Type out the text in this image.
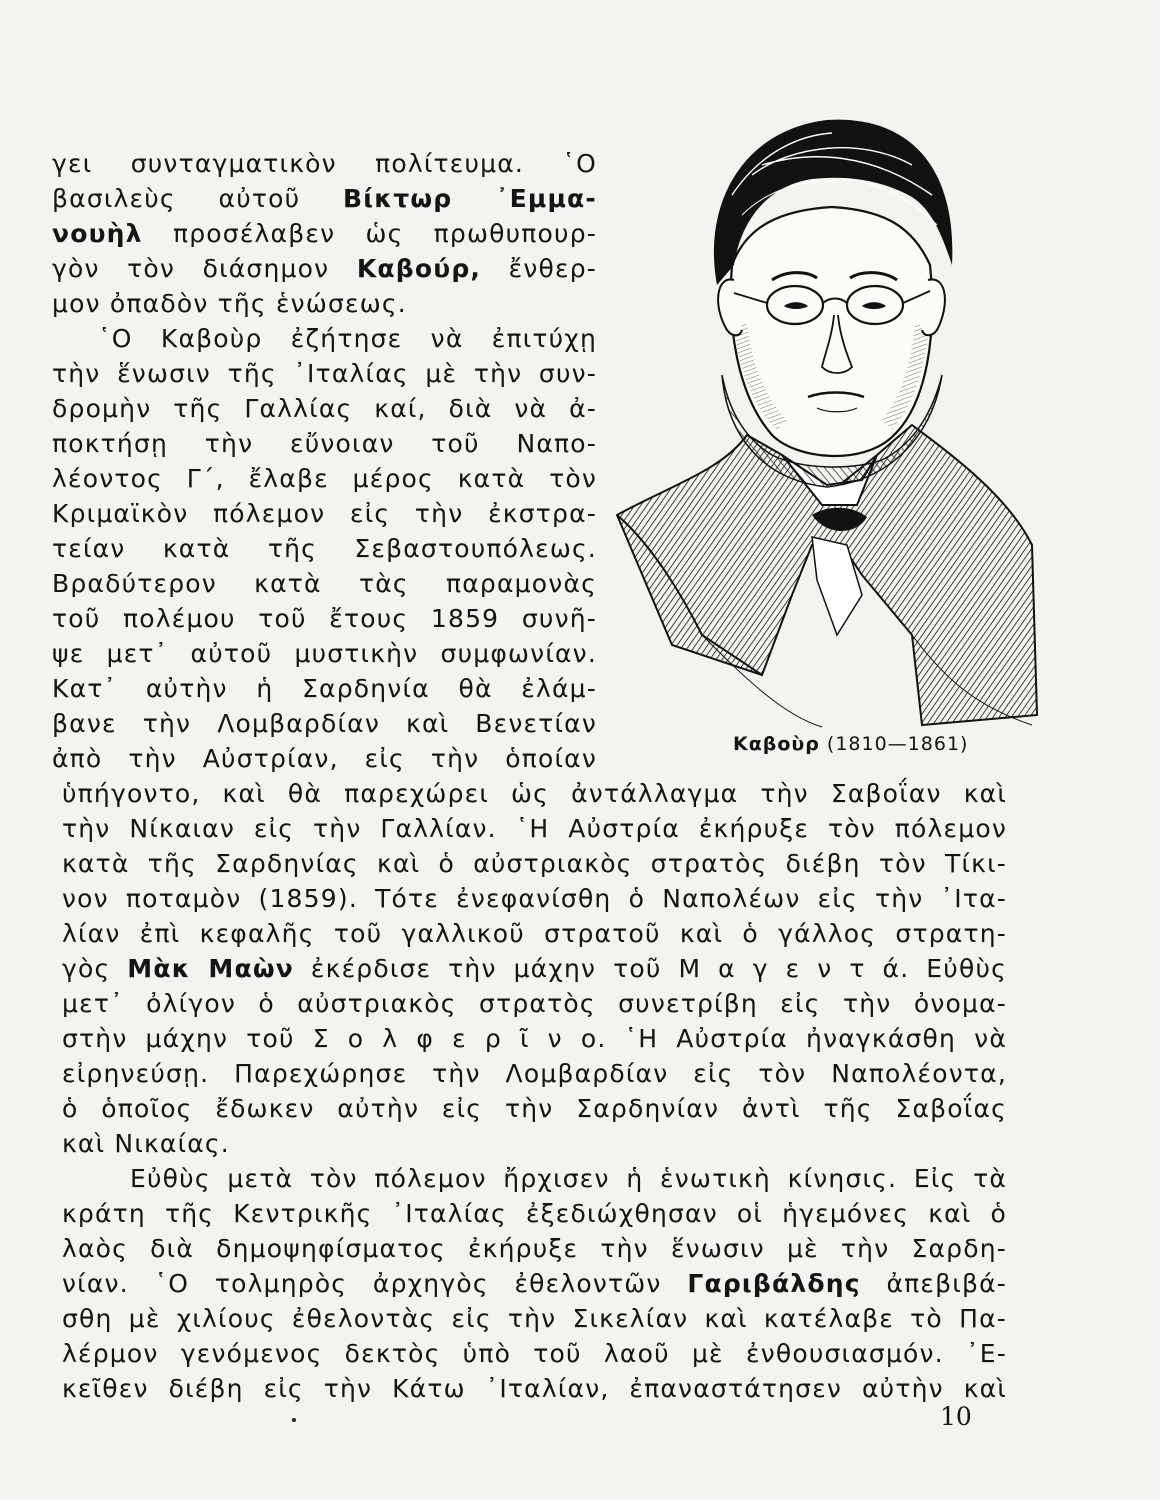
γει συνταγματικὸν πολίτευμα. ῾Ο
βασιλεὺς αὐτοῦ Βίκτωρ ᾿Εμμα-
νουὴλ προσέλαβεν ὡς πρωθυπουρ-
γὸν τὸν διάσημον Καβούρ, ἔνθερ-
μον ὀπαδὸν τῆς ἑνώσεως.
῾Ο Καβοὺρ ἐζήτησε νὰ ἐπιτύχῃ
τὴν ἕνωσιν τῆς ᾿Ιταλίας μὲ τὴν συν-
δρομὴν τῆς Γαλλίας καί, διὰ νὰ ἀ-
ποκτήσῃ τὴν εὔνοιαν τοῦ Ναπο-
λέοντος Γ´, ἔλαβε μέρος κατὰ τὸν
Κριμαϊκὸν πόλεμον εἰς τὴν ἐκστρα-
τείαν κατὰ τῆς Σεβαστουπόλεως.
Βραδύτερον κατὰ τὰς παραμονὰς
τοῦ πολέμου τοῦ ἔτους 1859 συνῆ-
ψε μετ᾿ αὐτοῦ μυστικὴν συμφωνίαν.
Κατ᾿ αὐτὴν ἡ Σαρδηνία θὰ ἐλάμ-
βανε τὴν Λομβαρδίαν καὶ Βενετίαν
ἀπὸ τὴν Αὐστρίαν, εἰς τὴν ὁποίαν	Καβοὺρ (1810—1861)
ὑπήγοντο, καὶ θὰ παρεχώρει ὡς ἀντάλλαγμα τὴν Σαβοΐαν καὶ
τὴν Νίκαιαν εἰς τὴν Γαλλίαν. ῾Η Αὐστρία ἐκήρυξε τὸν πόλεμον
κατὰ τῆς Σαρδηνίας καὶ ὁ αὐστριακὸς στρατὸς διέβη τὸν Τίκι-
νον ποταμὸν (1859). Τότε ἐνεφανίσθη ὁ Ναπολέων εἰς τὴν ᾿Ιτα-
λίαν ἐπὶ κεφαλῆς τοῦ γαλλικοῦ στρατοῦ καὶ ὁ γάλλος στρατη-
γὸς Μὰκ Μαὼν ἐκέρδισε τὴν μάχην τοῦ Μ α γ ε ν τ ά. Εὐθὺς
μετ᾿ ὀλίγον ὁ αὐστριακὸς στρατὸς συνετρίβη εἰς τὴν ὀνομα-
στὴν μάχην τοῦ Σ ο λ φ ε ρ ῖ ν ο. ῾Η Αὐστρία ἠναγκάσθη νὰ
εἰρηνεύσῃ. Παρεχώρησε τὴν Λομβαρδίαν εἰς τὸν Ναπολέοντα,
ὁ ὁποῖος ἔδωκεν αὐτὴν εἰς τὴν Σαρδηνίαν ἀντὶ τῆς Σαβοΐας
καὶ Νικαίας.
Εὐθὺς μετὰ τὸν πόλεμον ἤρχισεν ἡ ἑνωτικὴ κίνησις. Εἰς τὰ
κράτη τῆς Κεντρικῆς ᾿Ιταλίας ἐξεδιώχθησαν οἱ ἡγεμόνες καὶ ὁ
λαὸς διὰ δημοψηφίσματος ἐκήρυξε τὴν ἕνωσιν μὲ τὴν Σαρδη-
νίαν. ῾Ο τολμηρὸς ἀρχηγὸς ἐθελοντῶν Γαριβάλδης ἀπεβιβά-
σθη μὲ χιλίους ἐθελοντὰς εἰς τὴν Σικελίαν καὶ κατέλαβε τὸ Πα-
λέρμον γενόμενος δεκτὸς ὑπὸ τοῦ λαοῦ μὲ ἐνθουσιασμόν. ᾿Ε-
κεῖθεν διέβη εἰς τὴν Κάτω ᾿Ιταλίαν, ἐπαναστάτησεν αὐτὴν καὶ
10
